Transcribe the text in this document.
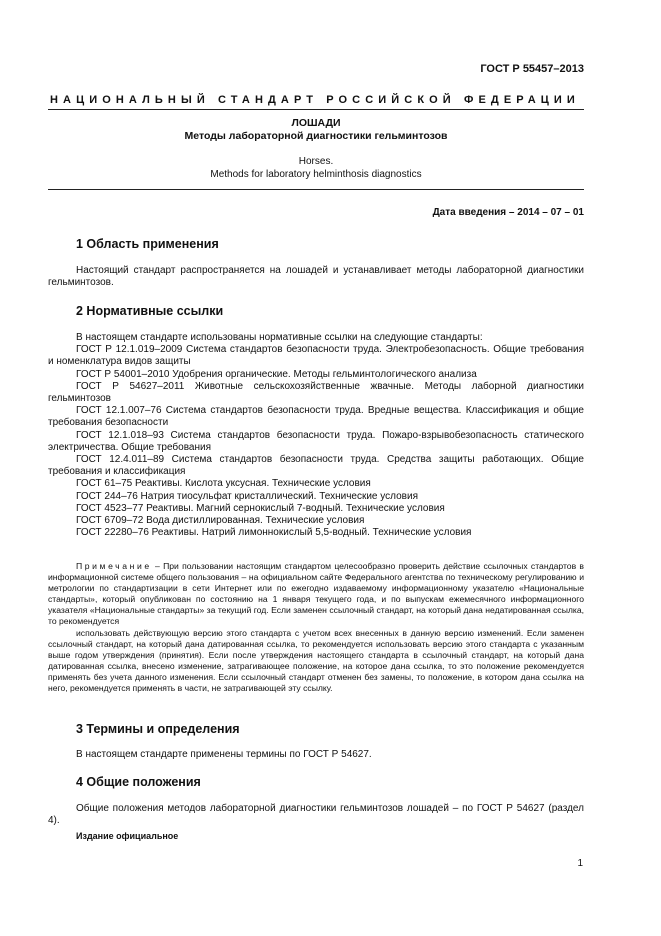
ГОСТ Р 55457–2013
НАЦИОНАЛЬНЫЙ СТАНДАРТ РОССИЙСКОЙ ФЕДЕРАЦИИ
ЛОШАДИ
Методы лабораторной диагностики гельминтозов
Horses.
Methods for laboratory helminthosis diagnostics
Дата введения – 2014 – 07 – 01
1 Область применения

Настоящий стандарт распространяется на лошадей и устанавливает методы лабораторной диагностики гельминтозов.

2 Нормативные ссылки

В настоящем стандарте использованы нормативные ссылки на следующие стандарты:

ГОСТ Р 12.1.019–2009 Система стандартов безопасности труда. Электробезопасность. Общие требования и номенклатура видов защиты

ГОСТ Р 54001–2010 Удобрения органические. Методы гельминтологического анализа

ГОСТ Р 54627–2011 Животные сельскохозяйственные жвачные. Методы лаборной диагностики гельминтозов

ГОСТ 12.1.007–76 Система стандартов безопасности труда. Вредные вещества. Классификация и общие требования безопасности

ГОСТ 12.1.018–93 Система стандартов безопасности труда. Пожаро-взрывобезопасность статического электричества. Общие требования

ГОСТ 12.4.011–89 Система стандартов безопасности труда. Средства защиты работающих. Общие требования и классификация

ГОСТ 61–75 Реактивы. Кислота уксусная. Технические условия

ГОСТ 244–76 Натрия тиосульфат кристаллический. Технические условия

ГОСТ 4523–77 Реактивы. Магний сернокислый 7-водный. Технические условия

ГОСТ 6709–72 Вода дистиллированная. Технические условия

ГОСТ 22280–76 Реактивы. Натрий лимоннокислый 5,5-водный. Технические условия

Примечание – При пользовании настоящим стандартом целесообразно проверить действие ссылочных стандартов в информационной системе общего пользования – на официальном сайте Федерального агентства по техническому регулированию и метрологии по стандартизации в сети Интернет или по ежегодно издаваемому информационному указателю «Национальные стандарты», который опубликован по состоянию на 1 января текущего года, и по выпускам ежемесячного информационного указателя «Национальные стандарты» за текущий год. Если заменен ссылочный стандарт, на который дана недатированная ссылка, то рекомендуется

использовать действующую версию этого стандарта с учетом всех внесенных в данную версию изменений. Если заменен ссылочный стандарт, на который дана датированная ссылка, то рекомендуется использовать версию этого стандарта с указанным выше годом утверждения (принятия). Если после утверждения настоящего стандарта в ссылочный стандарт, на который дана датированная ссылка, внесено изменение, затрагивающее положение, на которое дана ссылка, то это положение рекомендуется применять без учета данного изменения. Если ссылочный стандарт отменен без замены, то положение, в котором дана ссылка на него, рекомендуется применять в части, не затрагивающей эту ссылку.

3 Термины и определения

В настоящем стандарте применены термины по ГОСТ Р 54627.

4 Общие положения

Общие положения методов лабораторной диагностики гельминтозов лошадей – по ГОСТ Р 54627 (раздел 4).

Издание официальное
1
